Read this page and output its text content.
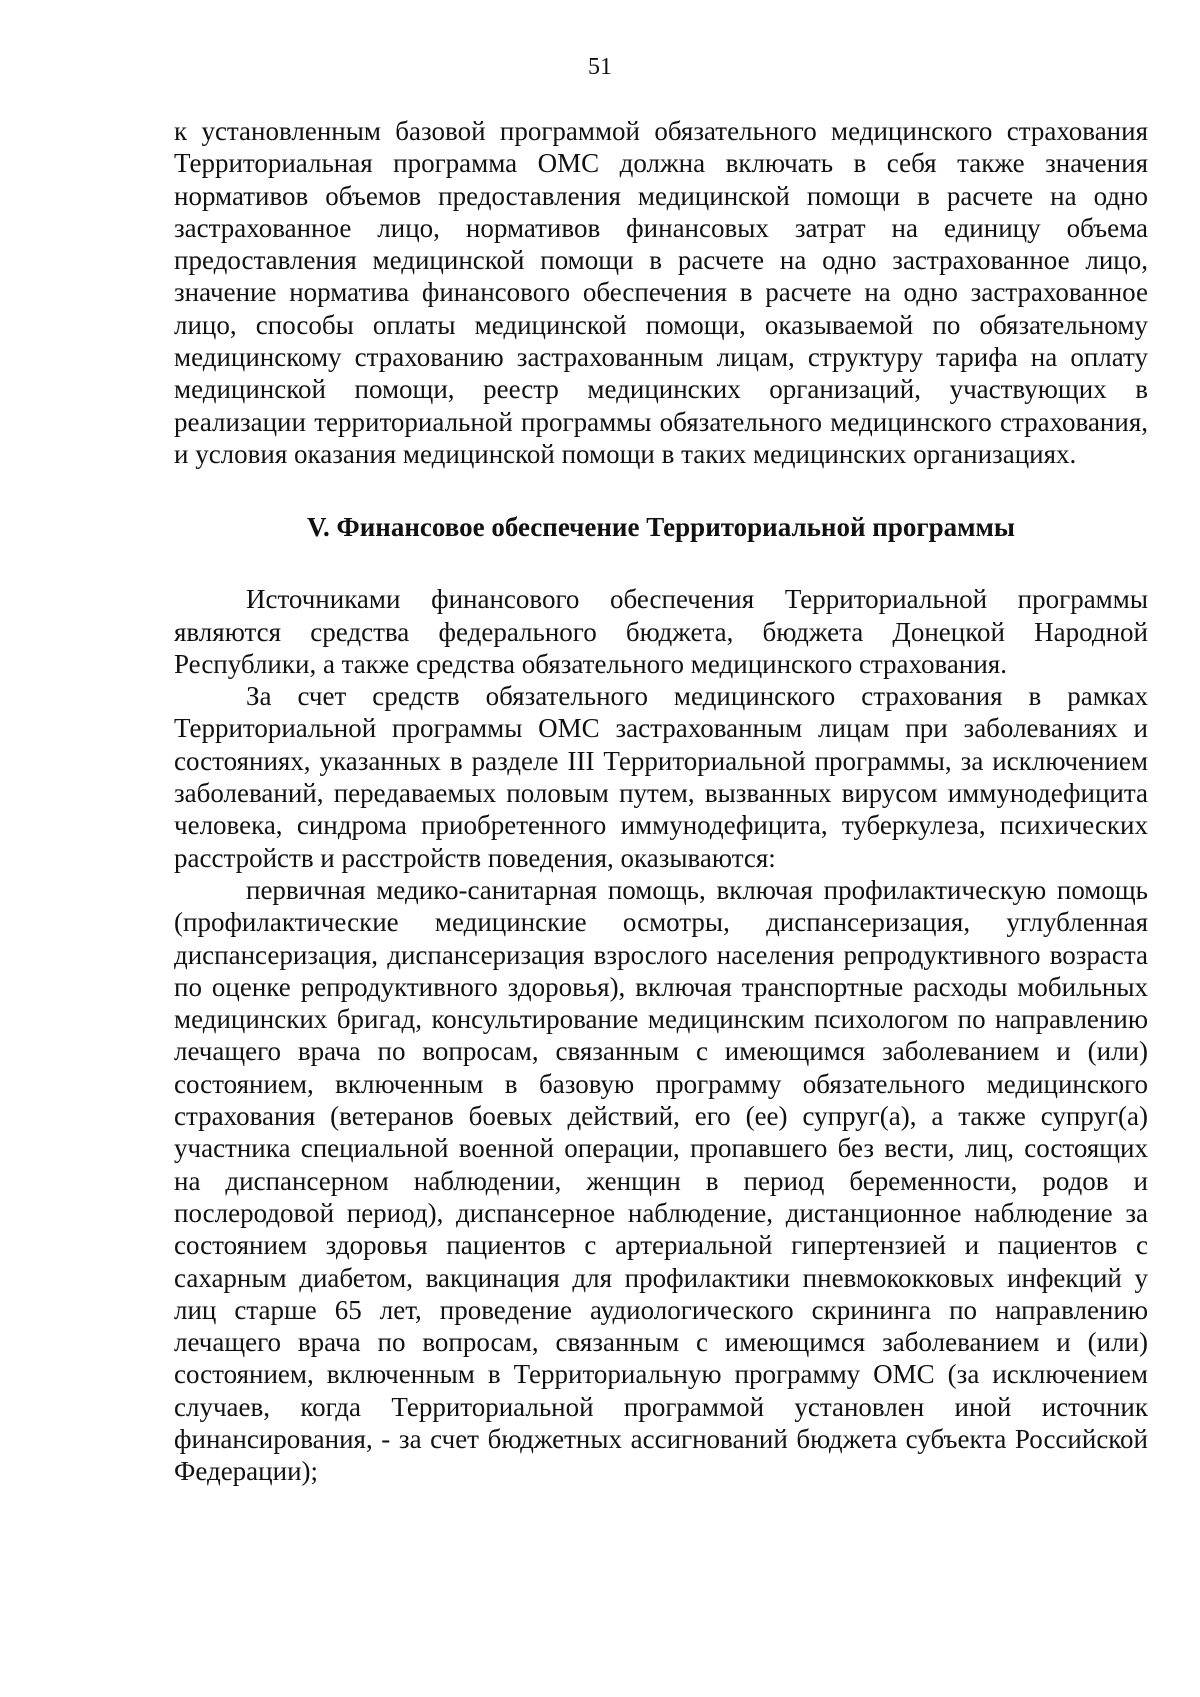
51

к установленным базовой программой обязательного медицинского страхования Территориальная программа ОМС должна включать в себя также значения нормативов объемов предоставления медицинской помощи в расчете на одно застрахованное лицо, нормативов финансовых затрат на единицу объема предоставления медицинской помощи в расчете на одно застрахованное лицо, значение норматива финансового обеспечения в расчете на одно застрахованное лицо, способы оплаты медицинской помощи, оказываемой по обязательному медицинскому страхованию застрахованным лицам, структуру тарифа на оплату медицинской помощи, реестр медицинских организаций, участвующих в реализации территориальной программы обязательного медицинского страхования, и условия оказания медицинской помощи в таких медицинских организациях.

V. Финансовое обеспечение Территориальной программы

Источниками финансового обеспечения Территориальной программы являются средства федерального бюджета, бюджета Донецкой Народной Республики, а также средства обязательного медицинского страхования.

За счет средств обязательного медицинского страхования в рамках Территориальной программы ОМС застрахованным лицам при заболеваниях и состояниях, указанных в разделе III Территориальной программы, за исключением заболеваний, передаваемых половым путем, вызванных вирусом иммунодефицита человека, синдрома приобретенного иммунодефицита, туберкулеза, психических расстройств и расстройств поведения, оказываются:

первичная медико-санитарная помощь, включая профилактическую помощь (профилактические медицинские осмотры, диспансеризация, углубленная диспансеризация, диспансеризация взрослого населения репродуктивного возраста по оценке репродуктивного здоровья), включая транспортные расходы мобильных медицинских бригад, консультирование медицинским психологом по направлению лечащего врача по вопросам, связанным с имеющимся заболеванием и (или) состоянием, включенным в базовую программу обязательного медицинского страхования (ветеранов боевых действий, его (ее) супруг(а), а также супруг(а) участника специальной военной операции, пропавшего без вести, лиц, состоящих на диспансерном наблюдении, женщин в период беременности, родов и послеродовой период), диспансерное наблюдение, дистанционное наблюдение за состоянием здоровья пациентов с артериальной гипертензией и пациентов с сахарным диабетом, вакцинация для профилактики пневмококковых инфекций у лиц старше 65 лет, проведение аудиологического скрининга по направлению лечащего врача по вопросам, связанным с имеющимся заболеванием и (или) состоянием, включенным в Территориальную программу ОМС (за исключением случаев, когда Территориальной программой установлен иной источник финансирования, - за счет бюджетных ассигнований бюджета субъекта Российской Федерации);
